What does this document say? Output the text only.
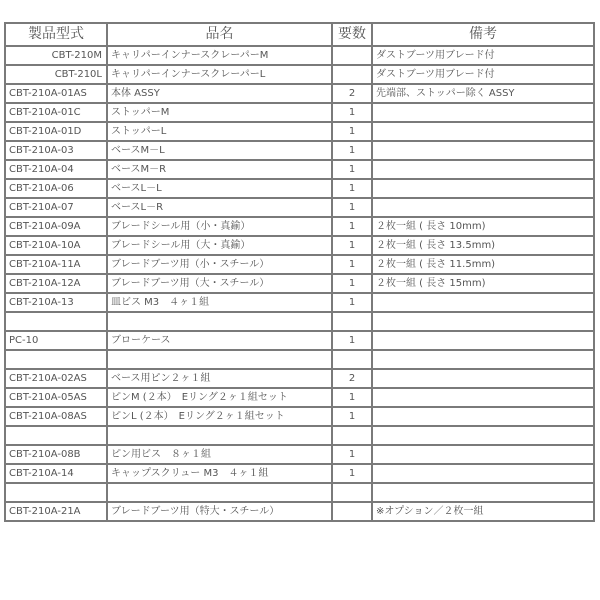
製品型式	品名	要数	備考
CBT-210M	キャリパーインナースクレーパーM		ダストブーツ用ブレード付
CBT-210L	キャリパーインナースクレーパーL		ダストブーツ用ブレード付
CBT-210A-01AS	本体 ASSY	2	先端部、ストッパー除く ASSY
CBT-210A-01C	ストッパーM	1	
CBT-210A-01D	ストッパーL	1	
CBT-210A-03	ベースM－L	1	
CBT-210A-04	ベースM－R	1	
CBT-210A-06	ベースL－L	1	
CBT-210A-07	ベースL－R	1	
CBT-210A-09A	ブレードシール用（小・真鍮）	1	２枚一組 ( 長さ 10mm)
CBT-210A-10A	ブレードシール用（大・真鍮）	1	２枚一組 ( 長さ 13.5mm)
CBT-210A-11A	ブレードブーツ用（小・スチール）	1	２枚一組 ( 長さ 11.5mm)
CBT-210A-12A	ブレードブーツ用（大・スチール）	1	２枚一組 ( 長さ 15mm)
CBT-210A-13	皿ビス M3　４ヶ１組	1	

PC-10	ブローケース	1	

CBT-210A-02AS	ベース用ピン２ヶ１組	2	
CBT-210A-05AS	ピンM (２本）　Eリング２ヶ１組セット	1	
CBT-210A-08AS	ピンL (２本）　Eリング２ヶ１組セット	1	

CBT-210A-08B	ピン用ビス　８ヶ１組	1	
CBT-210A-14	キャップスクリュー M3　４ヶ１組	1	

CBT-210A-21A	ブレードブーツ用（特大・スチール）		※オプション／２枚一組
